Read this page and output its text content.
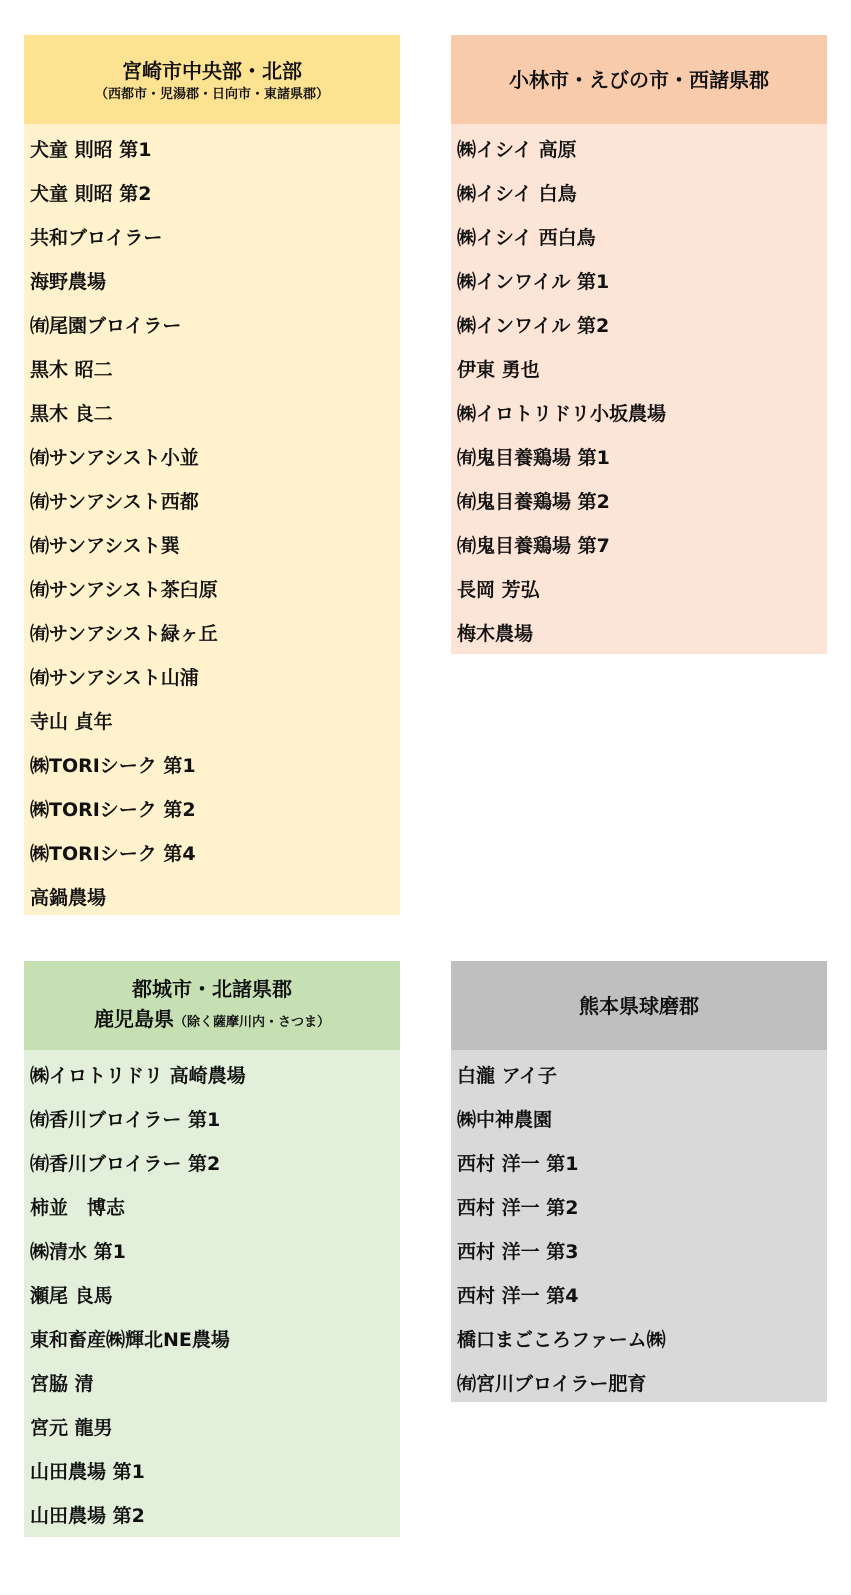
宮崎市中央部・北部
（西都市・児湯郡・日向市・東諸県郡）
犬童 則昭 第1
犬童 則昭 第2
共和ブロイラー
海野農場
㈲尾園ブロイラー
黒木 昭二
黒木 良二
㈲サンアシスト小並
㈲サンアシスト西都
㈲サンアシスト巽
㈲サンアシスト茶臼原
㈲サンアシスト緑ヶ丘
㈲サンアシスト山浦
寺山 貞年
㈱TORIシーク 第1
㈱TORIシーク 第2
㈱TORIシーク 第4
高鍋農場
小林市・えびの市・西諸県郡
㈱イシイ 高原
㈱イシイ 白鳥
㈱イシイ 西白鳥
㈱インワイル 第1
㈱インワイル 第2
伊東 勇也
㈱イロトリドリ小坂農場
㈲鬼目養鶏場 第1
㈲鬼目養鶏場 第2
㈲鬼目養鶏場 第7
長岡 芳弘
梅木農場
都城市・北諸県郡
鹿児島県（除く薩摩川内・さつま）
㈱イロトリドリ 高崎農場
㈲香川ブロイラー 第1
㈲香川ブロイラー 第2
柿並　博志
㈱清水 第1
瀬尾 良馬
東和畜産㈱輝北NE農場
宮脇 清
宮元 龍男
山田農場 第1
山田農場 第2
熊本県球磨郡
白瀧 アイ子
㈱中神農園
西村 洋一 第1
西村 洋一 第2
西村 洋一 第3
西村 洋一 第4
橋口まごころファーム㈱
㈲宮川ブロイラー肥育
